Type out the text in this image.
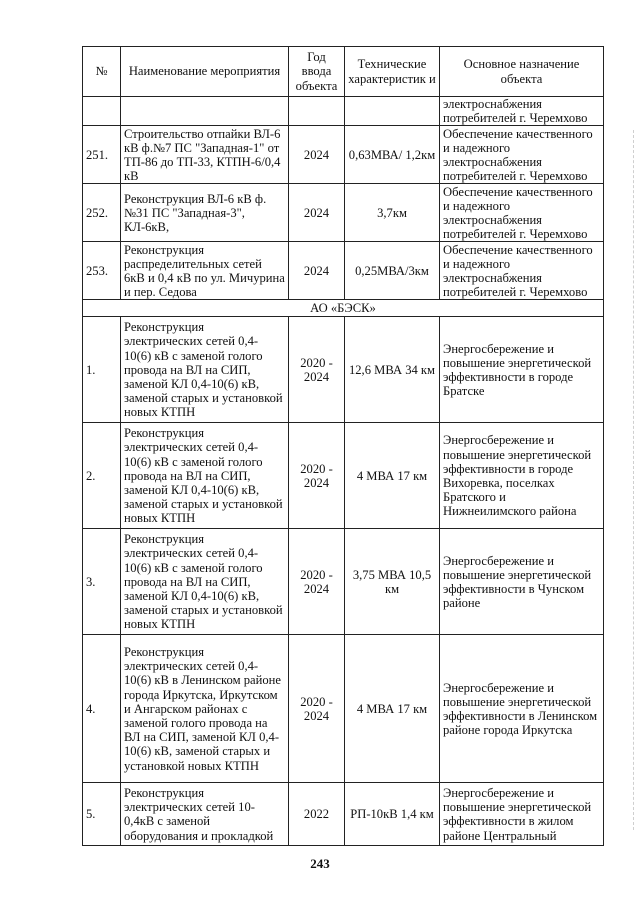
№	Наименование мероприятия	Год ввода объекта	Технические характеристик и	Основное назначение объекта
				электроснабжения потребителей г. Черемхово
251.	Строительство отпайки ВЛ-6 кВ ф.№7 ПС "Западная-1" от ТП-86 до ТП-33, КТПН-6/0,4 кВ	2024	0,63МВА/ 1,2км	Обеспечение качественного и надежного электроснабжения потребителей г. Черемхово
252.	Реконструкция ВЛ-6 кВ ф. №31 ПС "Западная-3", КЛ-6кВ,	2024	3,7км	Обеспечение качественного и надежного электроснабжения потребителей г. Черемхово
253.	Реконструкция распределительных сетей 6кВ и 0,4 кВ по ул. Мичурина и пер. Седова	2024	0,25МВА/3км	Обеспечение качественного и надежного электроснабжения потребителей г. Черемхово
АО «БЭСК»				
1.	Реконструкция электрических сетей 0,4-10(6) кВ с заменой голого провода на ВЛ на СИП, заменой КЛ 0,4-10(6) кВ, заменой старых и установкой новых КТПН	2020 - 2024	12,6 МВА 34 км	Энергосбережение и повышение энергетической эффективности в городе Братске
2.	Реконструкция электрических сетей 0,4-10(6) кВ с заменой голого провода на ВЛ на СИП, заменой КЛ 0,4-10(6) кВ, заменой старых и установкой новых КТПН	2020 - 2024	4 МВА 17 км	Энергосбережение и повышение энергетической эффективности в городе Вихоревка, поселках Братского и Нижнеилимского района
3.	Реконструкция электрических сетей 0,4-10(6) кВ с заменой голого провода на ВЛ на СИП, заменой КЛ 0,4-10(6) кВ, заменой старых и установкой новых КТПН	2020 - 2024	3,75 МВА 10,5 км	Энергосбережение и повышение энергетической эффективности в Чунском районе
4.	Реконструкция электрических сетей 0,4-10(6) кВ в Ленинском районе города Иркутска, Иркутском и Ангарском районах с заменой голого провода на ВЛ на СИП, заменой КЛ 0,4-10(6) кВ, заменой старых и установкой новых КТПН	2020 - 2024	4 МВА 17 км	Энергосбережение и повышение энергетической эффективности в Ленинском районе города Иркутска
5.	Реконструкция электрических сетей 10-0,4кВ с заменой оборудования и прокладкой	2022	РП-10кВ 1,4 км	Энергосбережение и повышение энергетической эффективности в жилом районе Центральный
243
